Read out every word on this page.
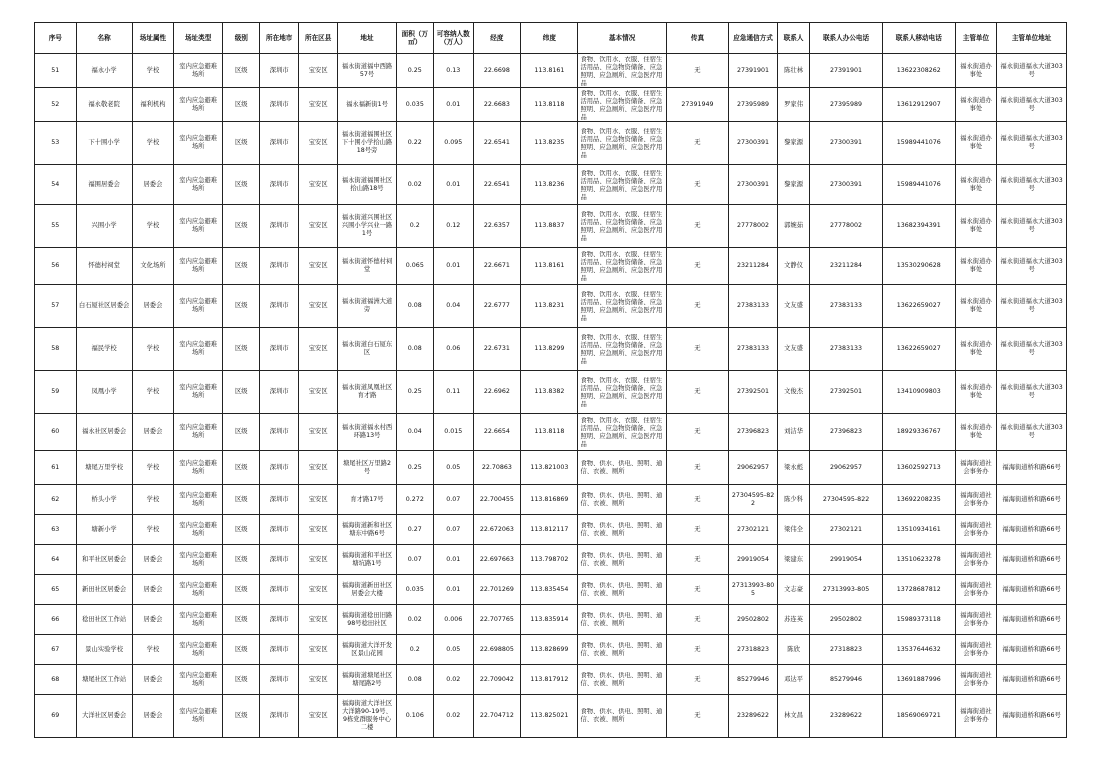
序号	名称	场址属性	场址类型	级别	所在地市	所在区县	地址	面积（万㎡）	可容纳人数（万人）	经度	纬度	基本情况	传真	应急通信方式	联系人	联系人办公电话	联系人移动电话	主管单位	主管单位地址
51	福永小学	学校	室内应急避难场所	区级	深圳市	宝安区	福永街道福中西路57号	0.25	0.13	22.6698	113.8161	食物、饮用水、衣服、住宿生活用品、应急物资储备、应急照明、应急厕所、应急医疗用品	无	27391901	陈壮林	27391901	13622308262	福永街道办事处	福永街道福永大道303号
52	福永敬老院	福利机构	室内应急避难场所	区级	深圳市	宝安区	福永福新街1号	0.035	0.01	22.6683	113.8118	食物、饮用水、衣服、住宿生活用品、应急物资储备、应急照明、应急厕所、应急医疗用品	27391949	27395989	罗家伟	27395989	13612912907	福永街道办事处	福永街道福永大道303号
53	下十围小学	学校	室内应急避难场所	区级	深圳市	宝安区	福永街道福围社区下十围小学拾山路18号旁	0.22	0.095	22.6541	113.8235	食物、饮用水、衣服、住宿生活用品、应急物资储备、应急照明、应急厕所、应急医疗用品	无	27300391	黎家源	27300391	15989441076	福永街道办事处	福永街道福永大道303号
54	福围居委会	居委会	室内应急避难场所	区级	深圳市	宝安区	福永街道福围社区拾山路18号	0.02	0.01	22.6541	113.8236	食物、饮用水、衣服、住宿生活用品、应急物资储备、应急照明、应急厕所、应急医疗用品	无	27300391	黎家源	27300391	15989441076	福永街道办事处	福永街道福永大道303号
55	兴围小学	学校	室内应急避难场所	区级	深圳市	宝安区	福永街道兴围社区兴围小学兴业一路1号	0.2	0.12	22.6357	113.8837	食物、饮用水、衣服、住宿生活用品、应急物资储备、应急照明、应急厕所、应急医疗用品	无	27778002	郭婉茹	27778002	13682394391	福永街道办事处	福永街道福永大道303号
56	怀德村祠堂	文化场所	室内应急避难场所	区级	深圳市	宝安区	福永街道怀德村祠堂	0.065	0.01	22.6671	113.8161	食物、饮用水、衣服、住宿生活用品、应急物资储备、应急照明、应急厕所、应急医疗用品	无	23211284	文静仪	23211284	13530290628	福永街道办事处	福永街道福永大道303号
57	白石厦社区居委会	居委会	室内应急避难场所	区级	深圳市	宝安区	福永街道福洲大道旁	0.08	0.04	22.6777	113.8231	食物、饮用水、衣服、住宿生活用品、应急物资储备、应急照明、应急厕所、应急医疗用品	无	27383133	文友盛	27383133	13622659027	福永街道办事处	福永街道福永大道303号
58	福民学校	学校	室内应急避难场所	区级	深圳市	宝安区	福永街道白石厦东区	0.08	0.06	22.6731	113.8299	食物、饮用水、衣服、住宿生活用品、应急物资储备、应急照明、应急厕所、应急医疗用品	无	27383133	文友盛	27383133	13622659027	福永街道办事处	福永街道福永大道303号
59	凤凰小学	学校	室内应急避难场所	区级	深圳市	宝安区	福永街道凤凰社区育才路	0.25	0.11	22.6962	113.8382	食物、饮用水、衣服、住宿生活用品、应急物资储备、应急照明、应急厕所、应急医疗用品	无	27392501	文俊杰	27392501	13410909803	福永街道办事处	福永街道福永大道303号
60	福永社区居委会	居委会	室内应急避难场所	区级	深圳市	宝安区	福永街道福永村西环路13号	0.04	0.015	22.6654	113.8118	食物、饮用水、衣服、住宿生活用品、应急物资储备、应急照明、应急厕所、应急医疗用品	无	27396823	刘洁华	27396823	18929336767	福永街道办事处	福永街道福永大道303号
61	塘尾万里学校	学校	室内应急避难场所	区级	深圳市	宝安区	塘尾社区万里路2号	0.25	0.05	22.70863	113.821003	食物、供水、供电、照明、通信、衣被、厕所	无	29062957	梁永彪	29062957	13602592713	福海街道社会事务办	福海街道桥和路66号
62	桥头小学	学校	室内应急避难场所	区级	深圳市	宝安区	育才路17号	0.272	0.07	22.700455	113.816869	食物、供水、供电、照明、通信、衣被、厕所	无	27304595-822	陈少科	27304595-822	13692208235	福海街道社会事务办	福海街道桥和路66号
63	塘新小学	学校	室内应急避难场所	区级	深圳市	宝安区	福海街道新和社区塘东中路6号	0.27	0.07	22.672063	113.812117	食物、供水、供电、照明、通信、衣被、厕所	无	27302121	梁伟全	27302121	13510934161	福海街道社会事务办	福海街道桥和路66号
64	和平社区居委会	居委会	室内应急避难场所	区级	深圳市	宝安区	福海街道和平社区塘坑路1号	0.07	0.01	22.697663	113.798702	食物、供水、供电、照明、通信、衣被、厕所	无	29919054	梁建东	29919054	13510623278	福海街道社会事务办	福海街道桥和路66号
65	新田社区居委会	居委会	室内应急避难场所	区级	深圳市	宝安区	福海街道新田社区居委会大楼	0.035	0.01	22.701269	113.835454	食物、供水、供电、照明、通信、衣被、厕所	无	27313993-805	文志豪	27313993-805	13728687812	福海街道社会事务办	福海街道桥和路66号
66	稔田社区工作站	居委会	室内应急避难场所	区级	深圳市	宝安区	福海街道稔田旧路98号稔田社区	0.02	0.006	22.707765	113.835914	食物、供水、供电、照明、通信、衣被、厕所	无	29502802	苏连英	29502802	15989373118	福海街道社会事务办	福海街道桥和路66号
67	景山实验学校	学校	室内应急避难场所	区级	深圳市	宝安区	福海街道大洋开发区景山花园	0.2	0.05	22.698805	113.828699	食物、供水、供电、照明、通信、衣被、厕所	无	27318823	陈欣	27318823	13537644632	福海街道社会事务办	福海街道桥和路66号
68	塘尾社区工作站	居委会	室内应急避难场所	区级	深圳市	宝安区	福海街道塘尾社区塘尾路2号	0.08	0.02	22.709042	113.817912	食物、供水、供电、照明、通信、衣被、厕所	无	85279946	邓达平	85279946	13691887996	福海街道社会事务办	福海街道桥和路66号
69	大洋社区居委会	居委会	室内应急避难场所	区级	深圳市	宝安区	福海街道大洋社区大洋路90-19号、9栋党群服务中心二楼	0.106	0.02	22.704712	113.825021	食物、供水、供电、照明、通信、衣被、厕所	无	23289622	林文昌	23289622	18569069721	福海街道社会事务办	福海街道桥和路66号
